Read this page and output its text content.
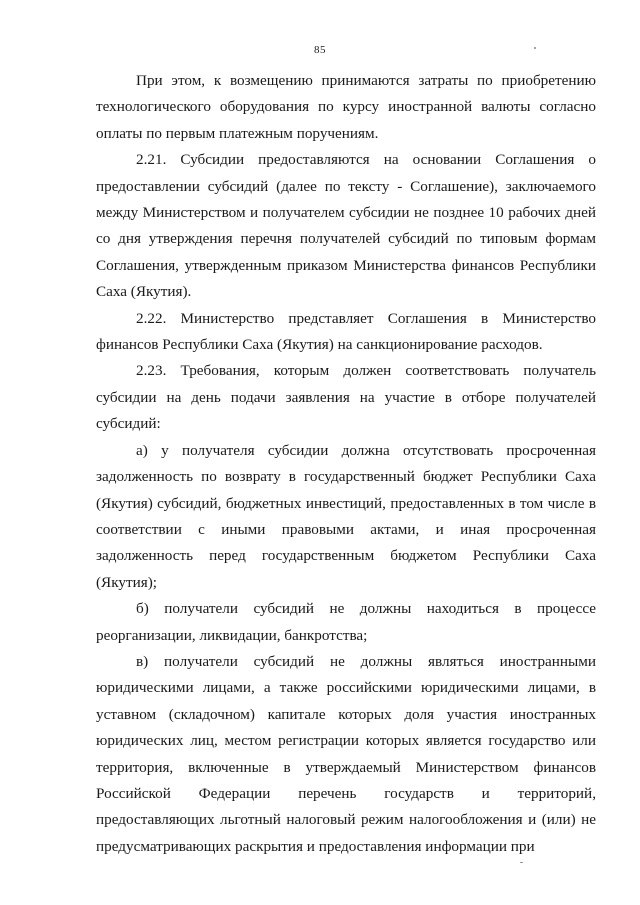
85

При этом, к возмещению принимаются затраты по приобретению технологического оборудования по курсу иностранной валюты согласно оплаты по первым платежным поручениям.

2.21. Субсидии предоставляются на основании Соглашения о предоставлении субсидий (далее по тексту - Соглашение), заключаемого между Министерством и получателем субсидии не позднее 10 рабочих дней со дня утверждения перечня получателей субсидий по типовым формам Соглашения, утвержденным приказом Министерства финансов Республики Саха (Якутия).

2.22. Министерство представляет Соглашения в Министерство финансов Республики Саха (Якутия) на санкционирование расходов.

2.23. Требования, которым должен соответствовать получатель субсидии на день подачи заявления на участие в отборе получателей субсидий:

а) у получателя субсидии должна отсутствовать просроченная задолженность по возврату в государственный бюджет Республики Саха (Якутия) субсидий, бюджетных инвестиций, предоставленных в том числе в соответствии с иными правовыми актами, и иная просроченная задолженность перед государственным бюджетом Республики Саха (Якутия);

б) получатели субсидий не должны находиться в процессе реорганизации, ликвидации, банкротства;

в) получатели субсидий не должны являться иностранными юридическими лицами, а также российскими юридическими лицами, в уставном (складочном) капитале которых доля участия иностранных юридических лиц, местом регистрации которых является государство или территория, включенные в утверждаемый Министерством финансов Российской Федерации перечень государств и территорий, предоставляющих льготный налоговый режим налогообложения и (или) не предусматривающих раскрытия и предоставления информации при
